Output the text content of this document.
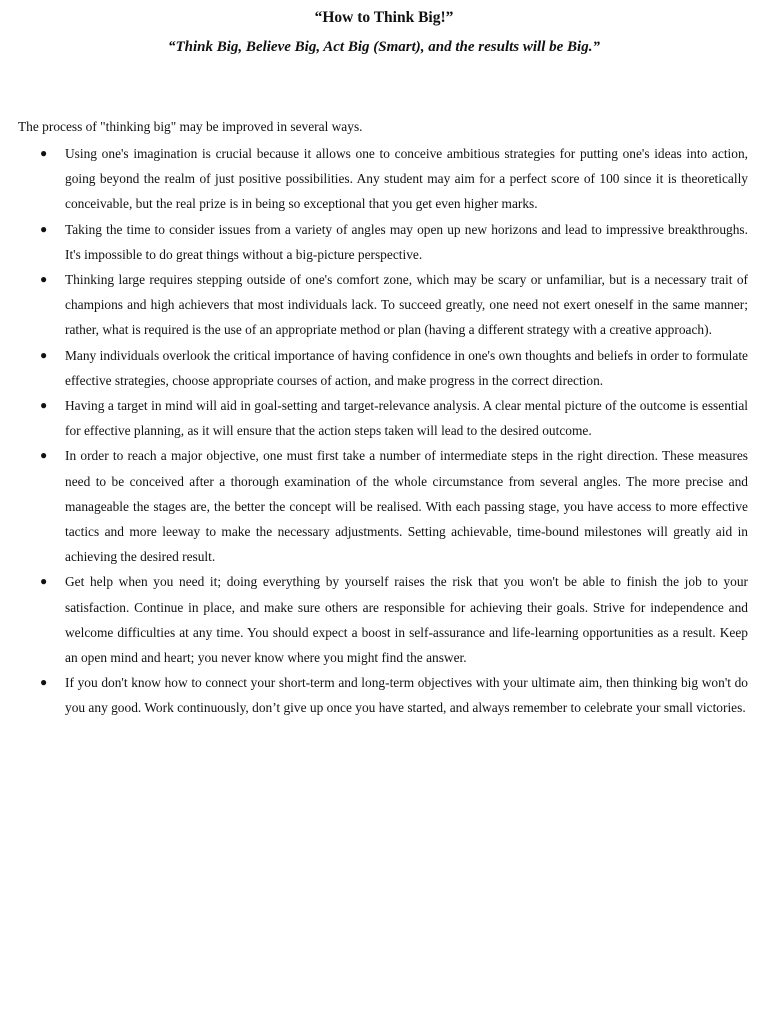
“How to Think Big!”
“Think Big, Believe Big, Act Big (Smart), and the results will be Big.”
The process of "thinking big" may be improved in several ways.
● Using one's imagination is crucial because it allows one to conceive ambitious strategies for putting one's ideas into action, going beyond the realm of just positive possibilities. Any student may aim for a perfect score of 100 since it is theoretically conceivable, but the real prize is in being so exceptional that you get even higher marks.
● Taking the time to consider issues from a variety of angles may open up new horizons and lead to impressive breakthroughs. It's impossible to do great things without a big-picture perspective.
● Thinking large requires stepping outside of one's comfort zone, which may be scary or unfamiliar, but is a necessary trait of champions and high achievers that most individuals lack. To succeed greatly, one need not exert oneself in the same manner; rather, what is required is the use of an appropriate method or plan (having a different strategy with a creative approach).
● Many individuals overlook the critical importance of having confidence in one's own thoughts and beliefs in order to formulate effective strategies, choose appropriate courses of action, and make progress in the correct direction.
● Having a target in mind will aid in goal-setting and target-relevance analysis. A clear mental picture of the outcome is essential for effective planning, as it will ensure that the action steps taken will lead to the desired outcome.
● In order to reach a major objective, one must first take a number of intermediate steps in the right direction. These measures need to be conceived after a thorough examination of the whole circumstance from several angles. The more precise and manageable the stages are, the better the concept will be realised. With each passing stage, you have access to more effective tactics and more leeway to make the necessary adjustments. Setting achievable, time-bound milestones will greatly aid in achieving the desired result.
● Get help when you need it; doing everything by yourself raises the risk that you won't be able to finish the job to your satisfaction. Continue in place, and make sure others are responsible for achieving their goals. Strive for independence and welcome difficulties at any time. You should expect a boost in self-assurance and life-learning opportunities as a result. Keep an open mind and heart; you never know where you might find the answer.
● If you don't know how to connect your short-term and long-term objectives with your ultimate aim, then thinking big won't do you any good. Work continuously, don’t give up once you have started, and always remember to celebrate your small victories.
